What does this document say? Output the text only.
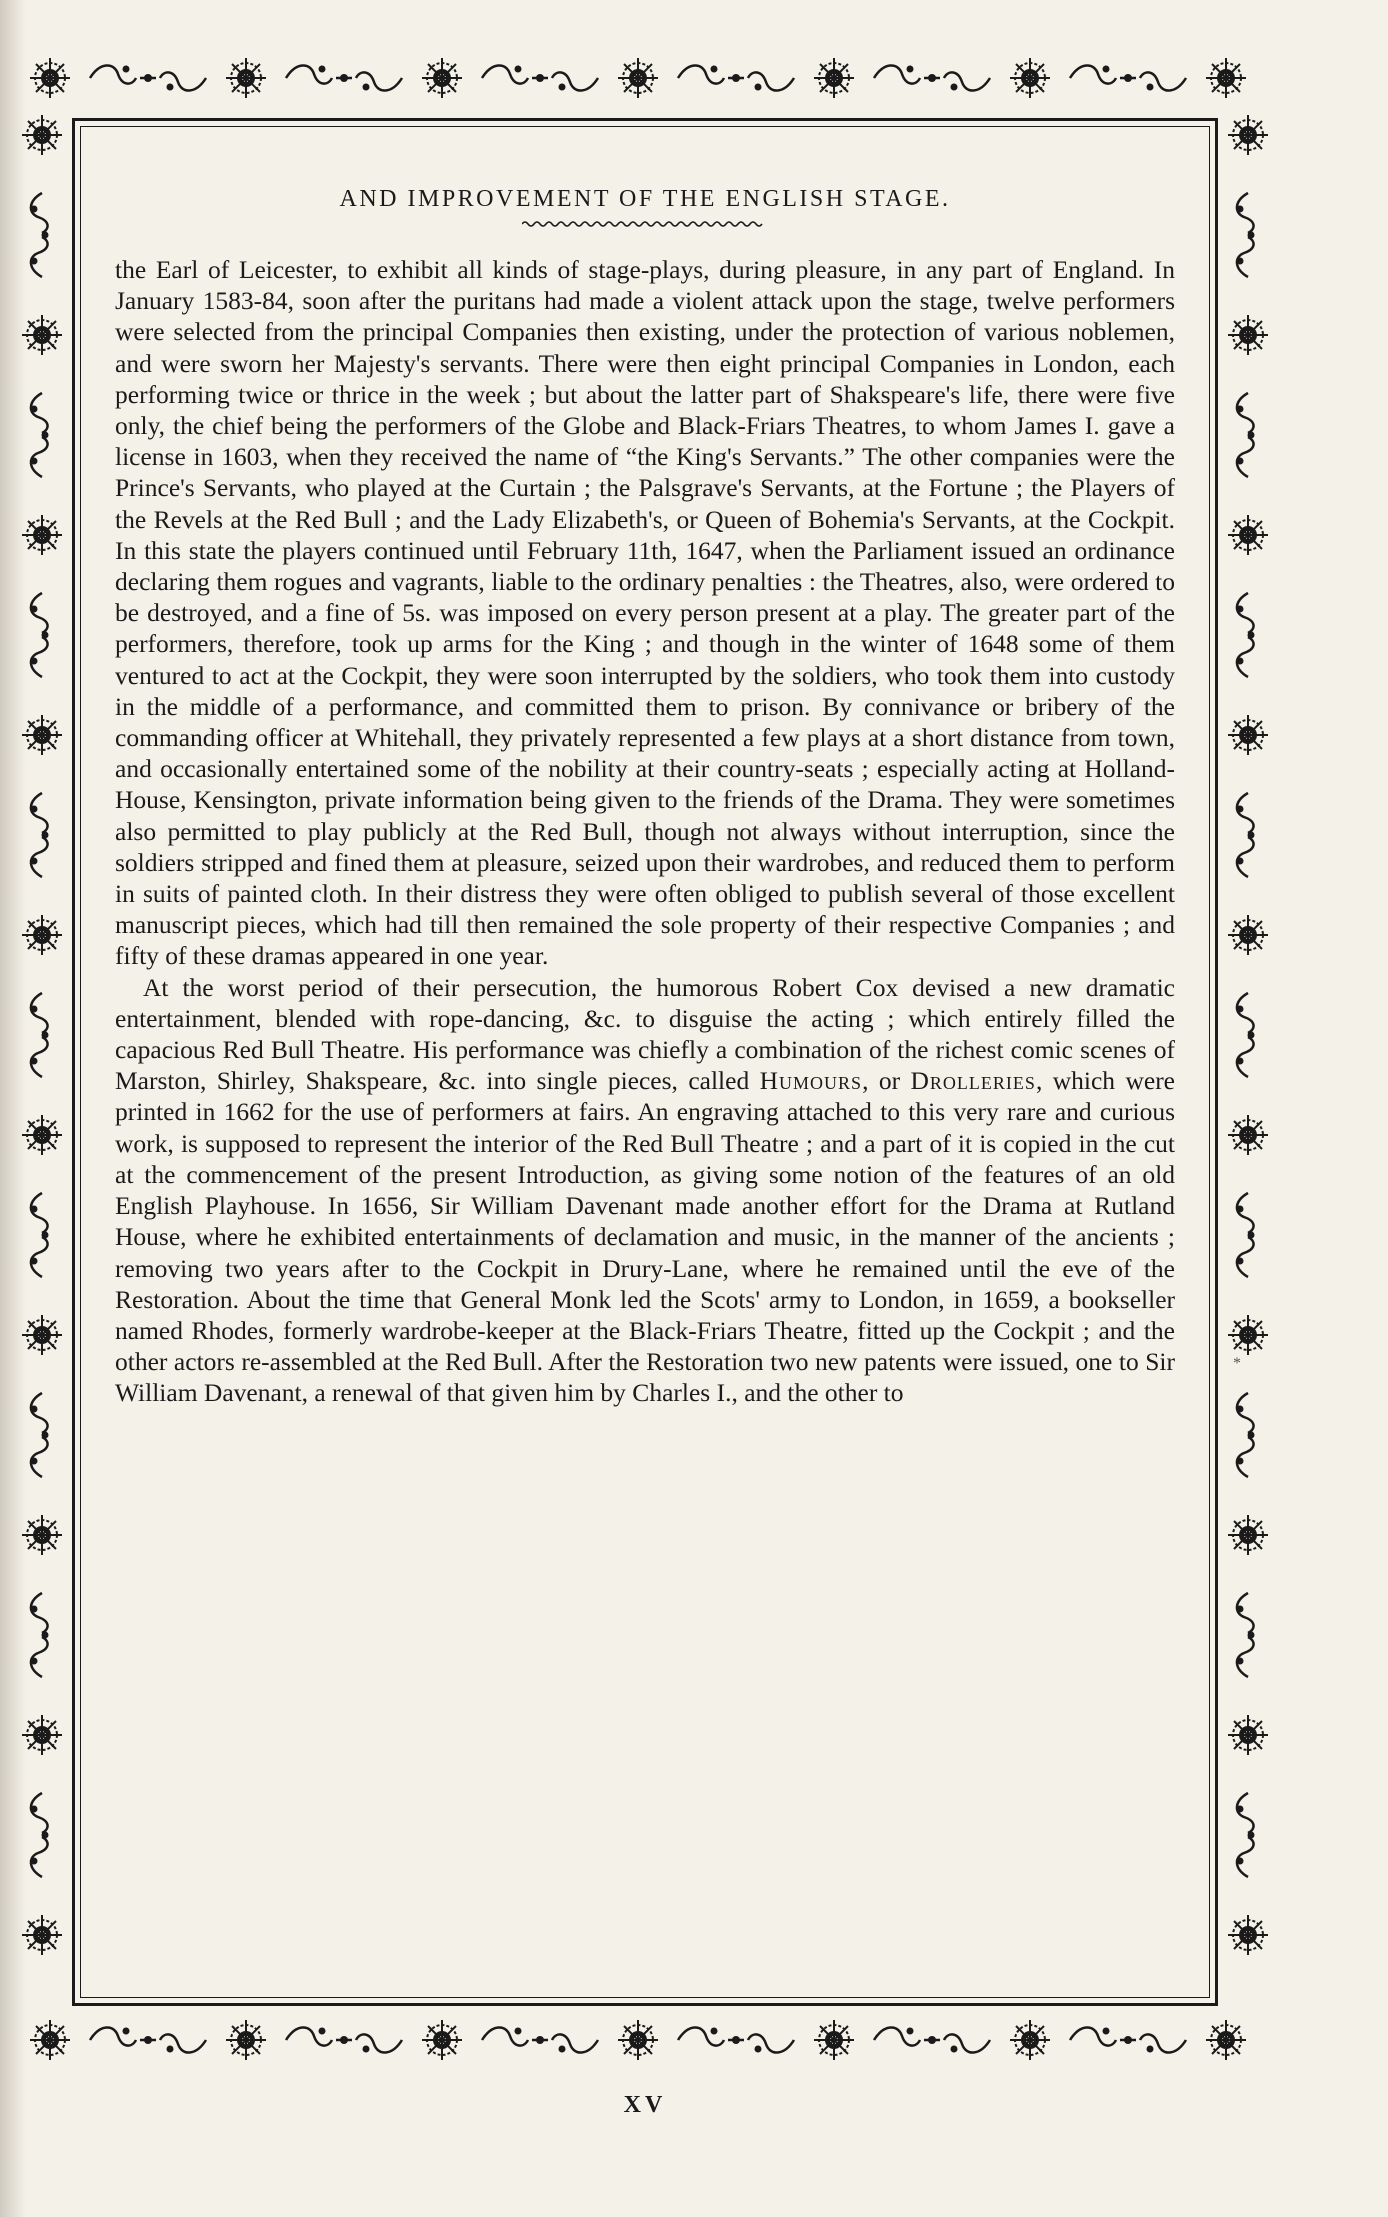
AND IMPROVEMENT OF THE ENGLISH STAGE.

the Earl of Leicester, to exhibit all kinds of stage-plays, during pleasure, in any part of England. In January 1583-84, soon after the puritans had made a violent attack upon the stage, twelve performers were selected from the principal Companies then existing, under the protection of various noblemen, and were sworn her Majesty's servants. There were then eight principal Companies in London, each performing twice or thrice in the week ; but about the latter part of Shakspeare's life, there were five only, the chief being the performers of the Globe and Black-Friars Theatres, to whom James I. gave a license in 1603, when they received the name of “the King's Servants.” The other companies were the Prince's Servants, who played at the Curtain ; the Palsgrave's Servants, at the Fortune ; the Players of the Revels at the Red Bull ; and the Lady Elizabeth's, or Queen of Bohemia's Servants, at the Cockpit. In this state the players continued until February 11th, 1647, when the Parliament issued an ordinance declaring them rogues and vagrants, liable to the ordinary penalties : the Theatres, also, were ordered to be destroyed, and a fine of 5s. was imposed on every person present at a play. The greater part of the performers, therefore, took up arms for the King ; and though in the winter of 1648 some of them ventured to act at the Cockpit, they were soon interrupted by the soldiers, who took them into custody in the middle of a performance, and committed them to prison. By connivance or bribery of the commanding officer at Whitehall, they privately represented a few plays at a short distance from town, and occasionally entertained some of the nobility at their country-seats ; especially acting at Holland-House, Kensington, private information being given to the friends of the Drama. They were sometimes also permitted to play publicly at the Red Bull, though not always without interruption, since the soldiers stripped and fined them at pleasure, seized upon their wardrobes, and reduced them to perform in suits of painted cloth. In their distress they were often obliged to publish several of those excellent manuscript pieces, which had till then remained the sole property of their respective Companies ; and fifty of these dramas appeared in one year.

At the worst period of their persecution, the humorous Robert Cox devised a new dramatic entertainment, blended with rope-dancing, &c. to disguise the acting ; which entirely filled the capacious Red Bull Theatre. His performance was chiefly a combination of the richest comic scenes of Marston, Shirley, Shakspeare, &c. into single pieces, called Humours, or Drolleries, which were printed in 1662 for the use of performers at fairs. An engraving attached to this very rare and curious work, is supposed to represent the interior of the Red Bull Theatre ; and a part of it is copied in the cut at the commencement of the present Introduction, as giving some notion of the features of an old English Playhouse. In 1656, Sir William Davenant made another effort for the Drama at Rutland House, where he exhibited entertainments of declamation and music, in the manner of the ancients ; removing two years after to the Cockpit in Drury-Lane, where he remained until the eve of the Restoration. About the time that General Monk led the Scots' army to London, in 1659, a bookseller named Rhodes, formerly wardrobe-keeper at the Black-Friars Theatre, fitted up the Cockpit ; and the other actors re-assembled at the Red Bull. After the Restoration two new patents were issued, one to Sir William Davenant, a renewal of that given him by Charles I., and the other to

*
XV
